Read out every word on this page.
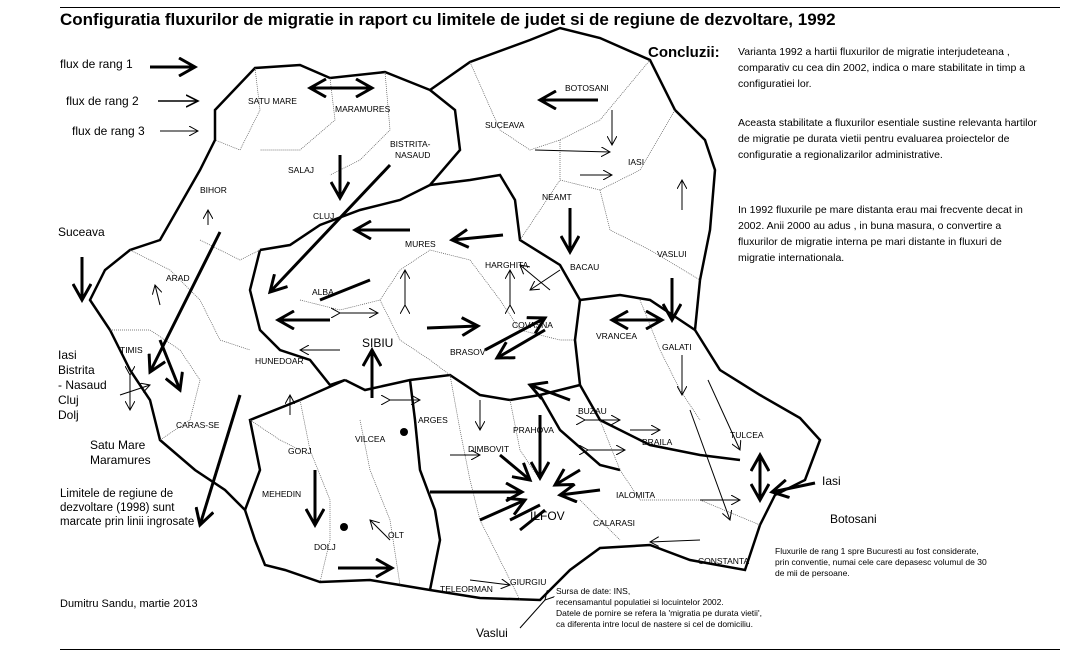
Configuratia fluxurilor de migratie in raport cu limitele de judet si de regiune de dezvoltare, 1992
SATU MARE
MARAMURES
BOTOSANI
SUCEAVA
IASI
SALAJ
BISTRITA-
NASAUD
BIHOR
CLUJ
NEAMT
MURES
HARGHITA	BACAU
VASLUI
ARAD
ALBA
COVASNA
VRANCEA
GALATI
TIMIS	SIBIU
BRASOV
HUNEDOAR
ARGES
BUZAU
PRAHOVA
CARAS-SE
GORJ
VILCEA
DIMBOVIT
BRAILA
TULCEA
MEHEDIN	IALOMITA
ILFOV	CALARASI
DOLJ
OLT
GIURGIU
TELEORMAN
CONSTANTA
flux de rang 1
flux de rang 2
flux de rang 3
Concluzii: Varianta 1992 a hartii fluxurilor de migratie interjudeteana , comparativ cu cea din 2002, indica o mare stabilitate in timp a configuratiei lor.
Aceasta stabilitate a fluxurilor esentiale sustine relevanta hartilor de migratie pe durata vietii pentru evaluarea proiectelor de configuratie a regionalizarilor administrative.
In 1992 fluxurile pe mare distanta erau mai frecvente decat in 2002. Anii 2000 au adus , in buna masura, o convertire a fluxurilor de migratie interna pe mari distante in fluxuri de migratie internationala.
Suceava
Iasi
Bistrita
- Nasaud
Cluj
Dolj
Satu Mare
Maramures
Limitele de regiune de dezvoltare (1998) sunt marcate prin linii ingrosate
Dumitru Sandu, martie 2013
Iasi
Botosani
Vaslui
Fluxurile de rang 1 spre Bucuresti au fost considerate, prin conventie, numai cele care depasesc volumul de 30 de mii de persoane.
Sursa de date: INS,
recensamantul populatiei si locuintelor 2002.
Datele de pornire se refera la 'migratia pe durata vietii',
ca diferenta intre locul de nastere si cel de domiciliu.
